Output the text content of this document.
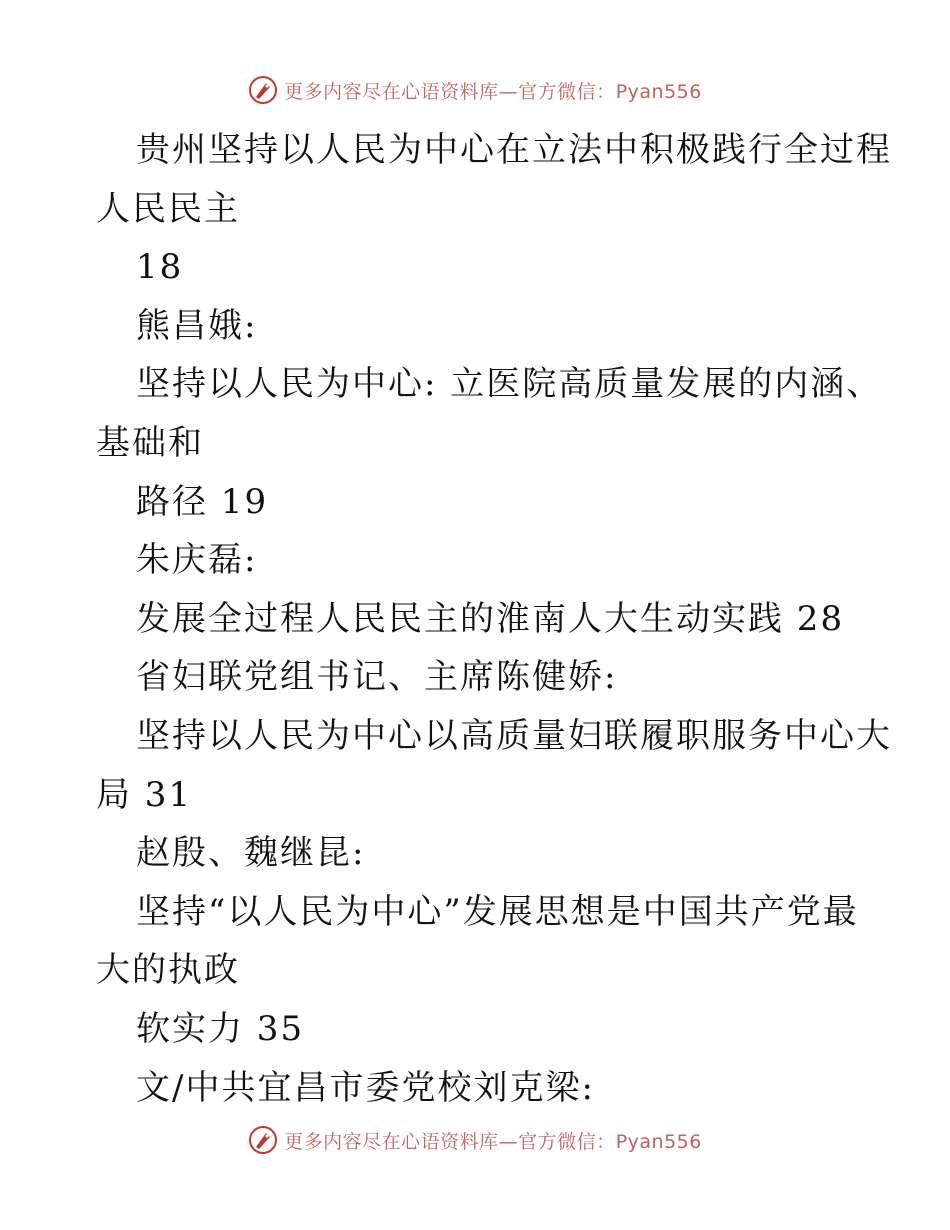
更多内容尽在心语资料库—官方微信：Pyan556
贵州坚持以人民为中心在立法中积极践行全过程
人民民主
18
熊昌娥:
坚持以人民为中心: 立医院高质量发展的内涵、
基础和
路径 19
朱庆磊:
发展全过程人民民主的淮南人大生动实践 28
省妇联党组书记、主席陈健娇:
坚持以人民为中心以高质量妇联履职服务中心大
局 31
赵殷、魏继昆:
坚持“以人民为中心”发展思想是中国共产党最
大的执政
软实力 35
文/中共宜昌市委党校刘克梁:
更多内容尽在心语资料库—官方微信：Pyan556
